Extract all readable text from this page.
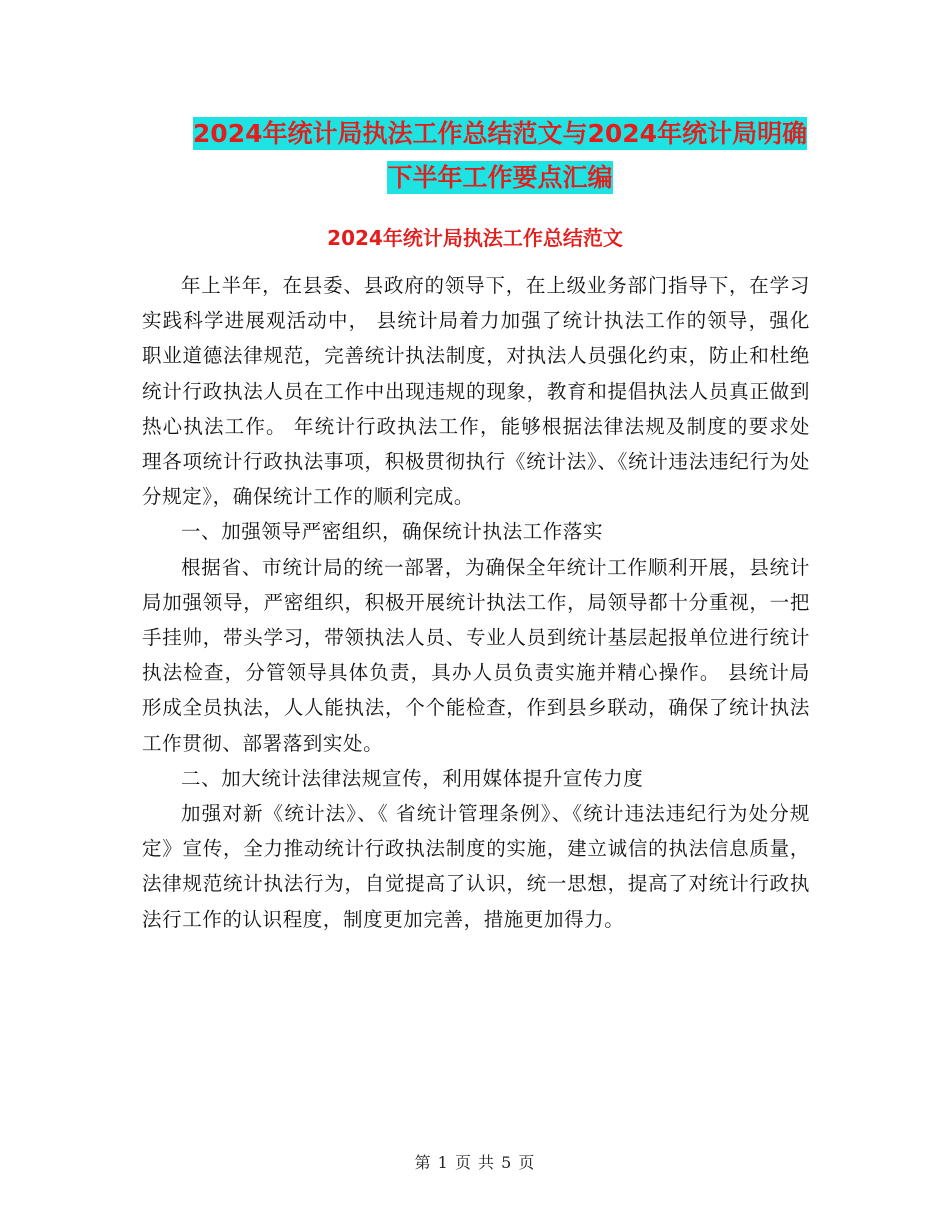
2024年统计局执法工作总结范文与2024年统计局明确
下半年工作要点汇编
2024年统计局执法工作总结范文

年上半年，在县委、县政府的领导下，在上级业务部门指导下，在学习实践科学进展观活动中， 县统计局着力加强了统计执法工作的领导，强化职业道德法律规范，完善统计执法制度，对执法人员强化约束，防止和杜绝统计行政执法人员在工作中出现违规的现象，教育和提倡执法人员真正做到热心执法工作。 年统计行政执法工作，能够根据法律法规及制度的要求处理各项统计行政执法事项，积极贯彻执行《统计法》、《统计违法违纪行为处分规定》，确保统计工作的顺利完成。

一、加强领导严密组织，确保统计执法工作落实

根据省、市统计局的统一部署，为确保全年统计工作顺利开展，县统计局加强领导，严密组织，积极开展统计执法工作，局领导都十分重视，一把手挂帅，带头学习，带领执法人员、专业人员到统计基层起报单位进行统计执法检查，分管领导具体负责，具办人员负责实施并精心操作。 县统计局形成全员执法，人人能执法，个个能检查，作到县乡联动，确保了统计执法工作贯彻、部署落到实处。

二、加大统计法律法规宣传，利用媒体提升宣传力度

加强对新《统计法》、《 省统计管理条例》、《统计违法违纪行为处分规定》宣传，全力推动统计行政执法制度的实施，建立诚信的执法信息质量，法律规范统计执法行为，自觉提高了认识，统一思想，提高了对统计行政执法行工作的认识程度，制度更加完善，措施更加得力。

第 1 页 共 5 页
